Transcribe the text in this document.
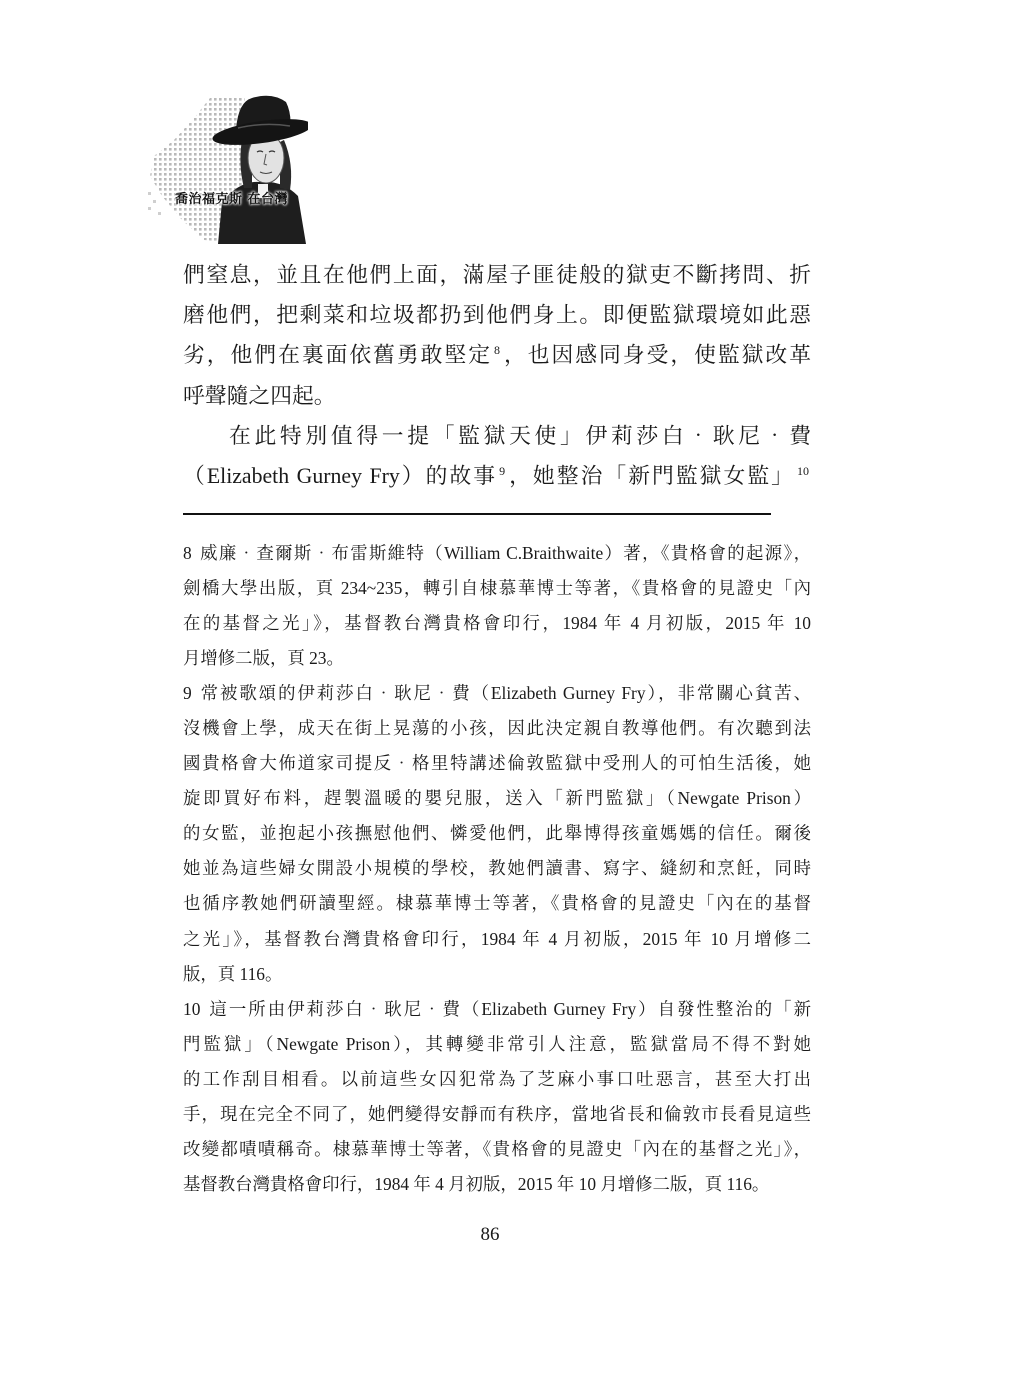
喬治福克斯 在台灣
們窒息，並且在他們上面，滿屋子匪徒般的獄吏不斷拷問、折
磨他們，把剩菜和垃圾都扔到他們身上。即便監獄環境如此惡
劣，他們在裏面依舊勇敢堅定 $^8$，也因感同身受，使監獄改革
呼聲隨之四起。
在此特別值得一提「監獄天使」伊莉莎白‧耿尼‧費
（Elizabeth Gurney Fry）的故事 $^9$，她整治「新門監獄女監」 $^{10}$
8 威廉‧查爾斯‧布雷斯維特（William C.Braithwaite）著，《貴格會的起源》，
劍橋大學出版，頁 234~235，轉引自棣慕華博士等著，《貴格會的見證史「內
在的基督之光」》，基督教台灣貴格會印行，1984 年 4 月初版，2015 年 10
月增修二版，頁 23。
9 常被歌頌的伊莉莎白‧耿尼‧費（Elizabeth Gurney Fry），非常關心貧苦、
沒機會上學，成天在街上晃蕩的小孩，因此決定親自教導他們。有次聽到法
國貴格會大佈道家司提反‧格里特講述倫敦監獄中受刑人的可怕生活後，她
旋即買好布料，趕製溫暖的嬰兒服，送入「新門監獄」（Newgate Prison）
的女監，並抱起小孩撫慰他們、憐愛他們，此舉博得孩童媽媽的信任。爾後
她並為這些婦女開設小規模的學校，教她們讀書、寫字、縫紉和烹飪，同時
也循序教她們研讀聖經。棣慕華博士等著，《貴格會的見證史「內在的基督
之光」》，基督教台灣貴格會印行，1984 年 4 月初版，2015 年 10 月增修二
版，頁 116。
10 這一所由伊莉莎白‧耿尼‧費（Elizabeth Gurney Fry）自發性整治的「新
門監獄」（Newgate Prison），其轉變非常引人注意，監獄當局不得不對她
的工作刮目相看。以前這些女囚犯常為了芝麻小事口吐惡言，甚至大打出
手，現在完全不同了，她們變得安靜而有秩序，當地省長和倫敦市長看見這些
改變都嘖嘖稱奇。棣慕華博士等著，《貴格會的見證史「內在的基督之光」》，
基督教台灣貴格會印行，1984 年 4 月初版，2015 年 10 月增修二版，頁 116。
86
